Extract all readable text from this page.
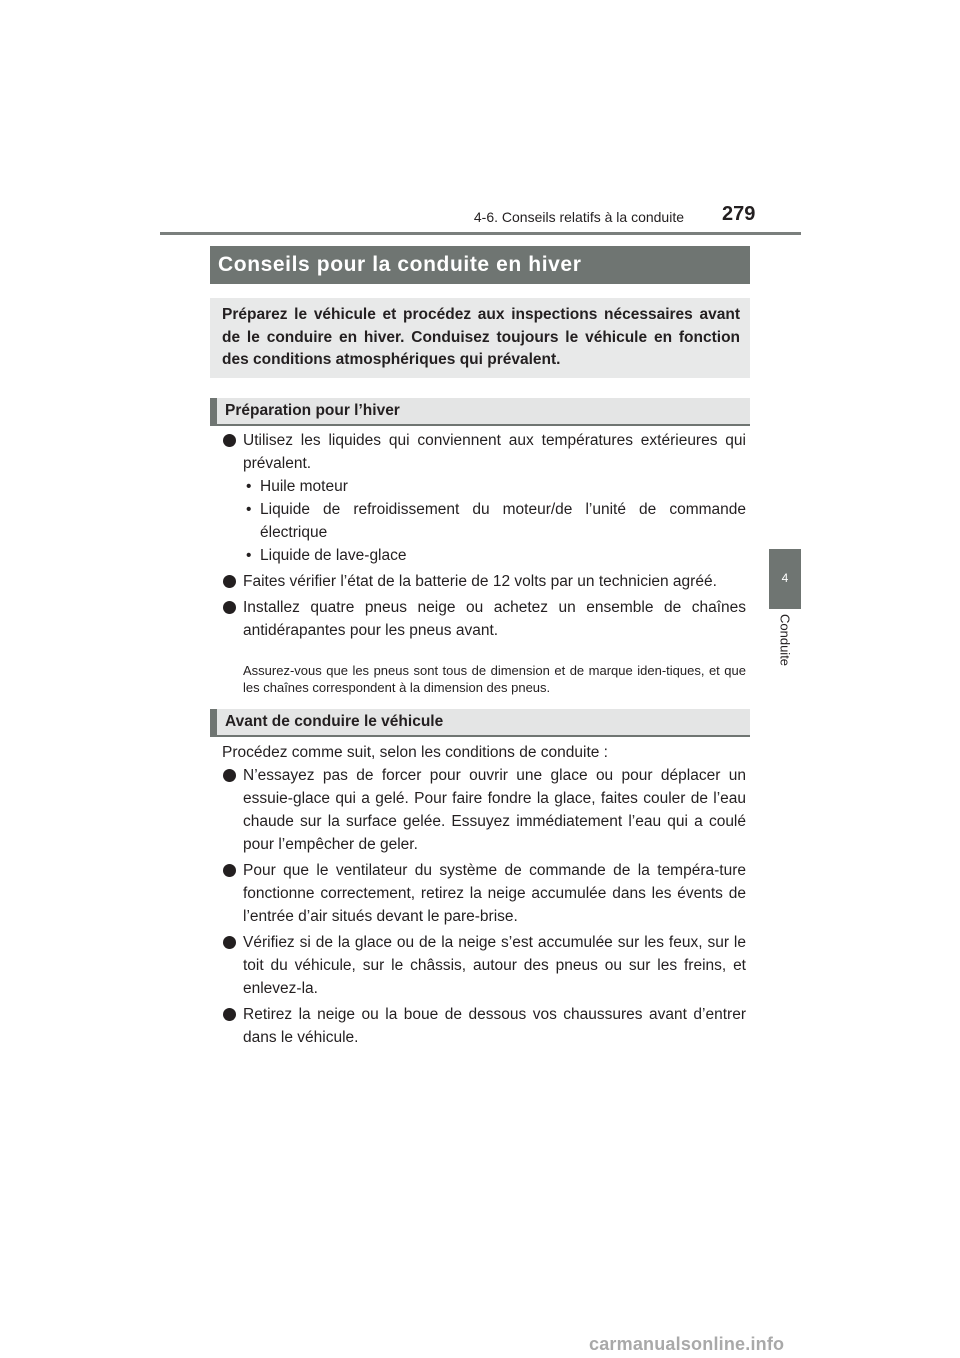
4-6. Conseils relatifs à la conduite 279
4
Conduite
Conseils pour la conduite en hiver
Préparez le véhicule et procédez aux inspections nécessaires avant de le conduire en hiver. Conduisez toujours le véhicule en fonction des conditions atmosphériques qui prévalent.
Préparation pour l’hiver
Utilisez les liquides qui conviennent aux températures extérieures qui prévalent.
• Huile moteur
• Liquide de refroidissement du moteur/de l’unité de commande électrique
• Liquide de lave-glace
Faites vérifier l’état de la batterie de 12 volts par un technicien agréé.
Installez quatre pneus neige ou achetez un ensemble de chaînes antidérapantes pour les pneus avant.
Assurez-vous que les pneus sont tous de dimension et de marque iden-tiques, et que les chaînes correspondent à la dimension des pneus.
Avant de conduire le véhicule
Procédez comme suit, selon les conditions de conduite :
N’essayez pas de forcer pour ouvrir une glace ou pour déplacer un essuie-glace qui a gelé. Pour faire fondre la glace, faites couler de l’eau chaude sur la surface gelée. Essuyez immédiatement l’eau qui a coulé pour l’empêcher de geler.
Pour que le ventilateur du système de commande de la tempéra-ture fonctionne correctement, retirez la neige accumulée dans les évents de l’entrée d’air situés devant le pare-brise.
Vérifiez si de la glace ou de la neige s’est accumulée sur les feux, sur le toit du véhicule, sur le châssis, autour des pneus ou sur les freins, et enlevez-la.
Retirez la neige ou la boue de dessous vos chaussures avant d’entrer dans le véhicule.
carmanualsonline.info
